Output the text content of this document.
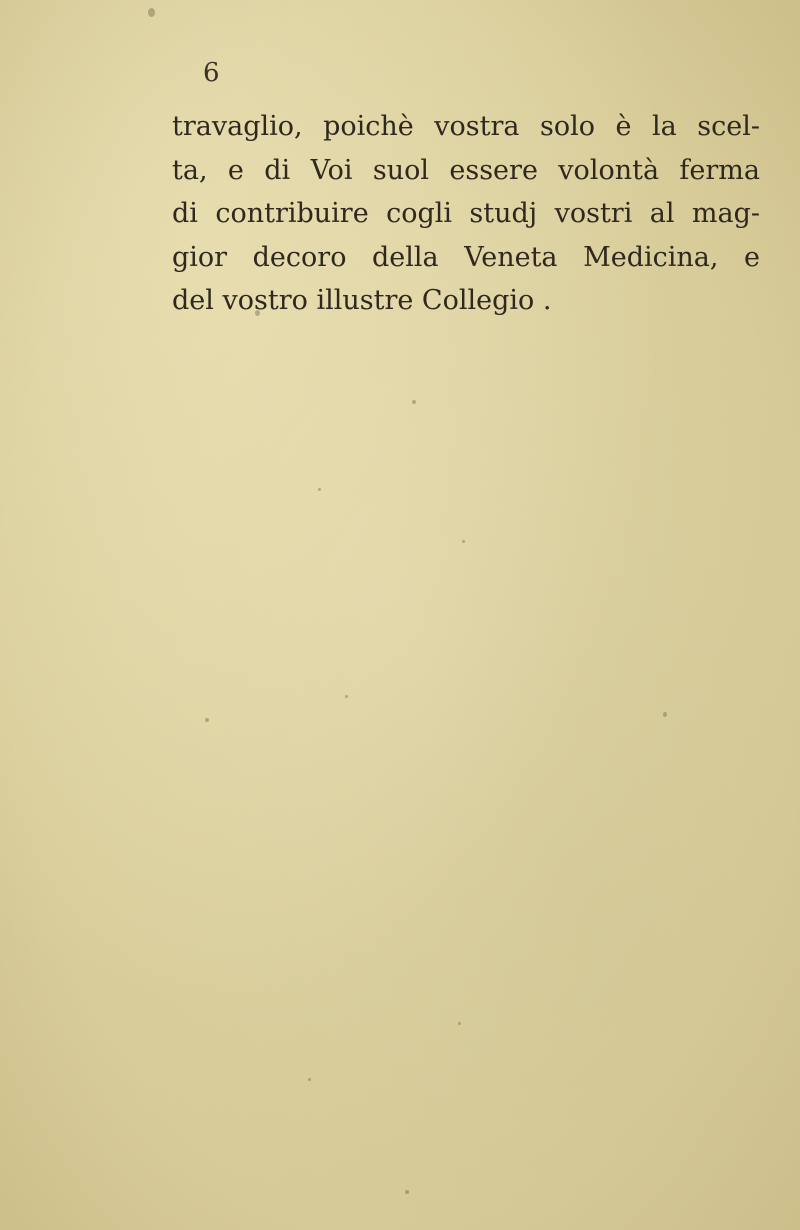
6
travaglio, poichè vostra solo è la scel-
ta, e di Voi suol essere volontà ferma
di contribuire cogli studj vostri al mag-
gior decoro della Veneta Medicina, e
del vostro illustre Collegio .
